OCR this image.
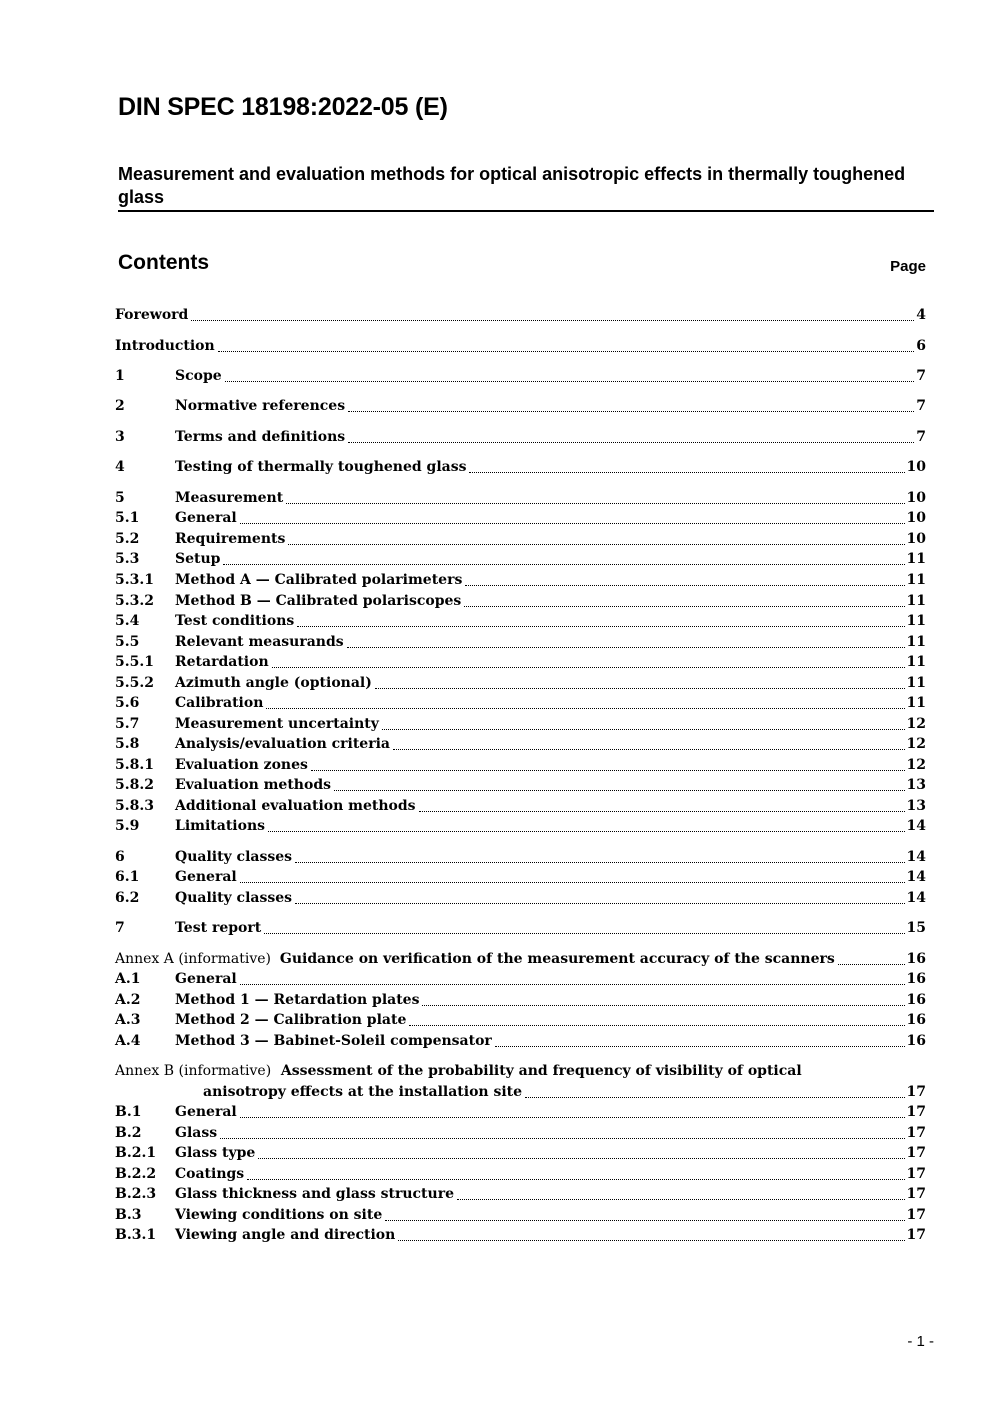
DIN SPEC 18198:2022-05 (E)
Measurement and evaluation methods for optical anisotropic effects in thermally toughened glass
Contents	Page
Foreword	4
Introduction	6
1	Scope	7
2	Normative references	7
3	Terms and definitions	7
4	Testing of thermally toughened glass	10
5	Measurement	10
5.1	General	10
5.2	Requirements	10
5.3	Setup	11
5.3.1	Method A — Calibrated polarimeters	11
5.3.2	Method B — Calibrated polariscopes	11
5.4	Test conditions	11
5.5	Relevant measurands	11
5.5.1	Retardation	11
5.5.2	Azimuth angle (optional)	11
5.6	Calibration	11
5.7	Measurement uncertainty	12
5.8	Analysis/evaluation criteria	12
5.8.1	Evaluation zones	12
5.8.2	Evaluation methods	13
5.8.3	Additional evaluation methods	13
5.9	Limitations	14
6	Quality classes	14
6.1	General	14
6.2	Quality classes	14
7	Test report	15
Annex A (informative)  Guidance on verification of the measurement accuracy of the scanners	16
A.1	General	16
A.2	Method 1 — Retardation plates	16
A.3	Method 2 — Calibration plate	16
A.4	Method 3 — Babinet-Soleil compensator	16
Annex B (informative)  Assessment of the probability and frequency of visibility of optical
anisotropy effects at the installation site	17
B.1	General	17
B.2	Glass	17
B.2.1	Glass type	17
B.2.2	Coatings	17
B.2.3	Glass thickness and glass structure	17
B.3	Viewing conditions on site	17
B.3.1	Viewing angle and direction	17
- 1 -
